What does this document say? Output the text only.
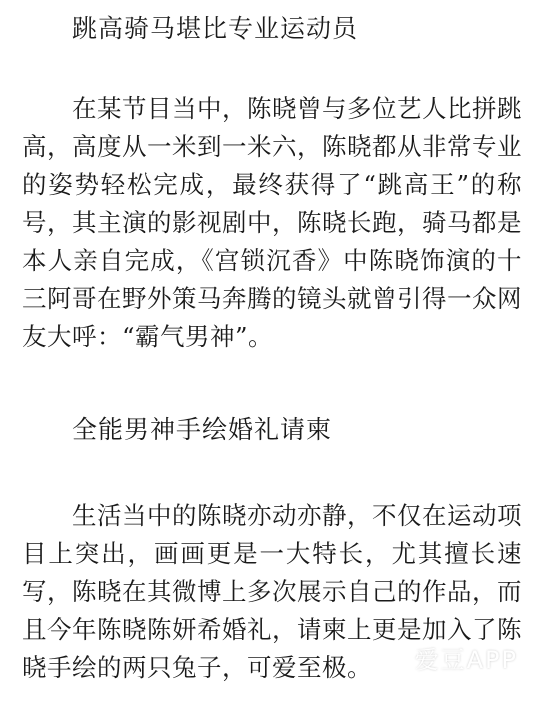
跳高骑马堪比专业运动员

在某节目当中，陈晓曾与多位艺人比拼跳高，高度从一米到一米六，陈晓都从非常专业的姿势轻松完成，最终获得了“跳高王”的称号，其主演的影视剧中，陈晓长跑，骑马都是本人亲自完成，《宫锁沉香》中陈晓饰演的十三阿哥在野外策马奔腾的镜头就曾引得一众网友大呼：“霸气男神”。

全能男神手绘婚礼请柬

生活当中的陈晓亦动亦静，不仅在运动项目上突出，画画更是一大特长，尤其擅长速写，陈晓在其微博上多次展示自己的作品，而且今年陈晓陈妍希婚礼，请柬上更是加入了陈晓手绘的两只兔子，可爱至极。	爱豆APP
